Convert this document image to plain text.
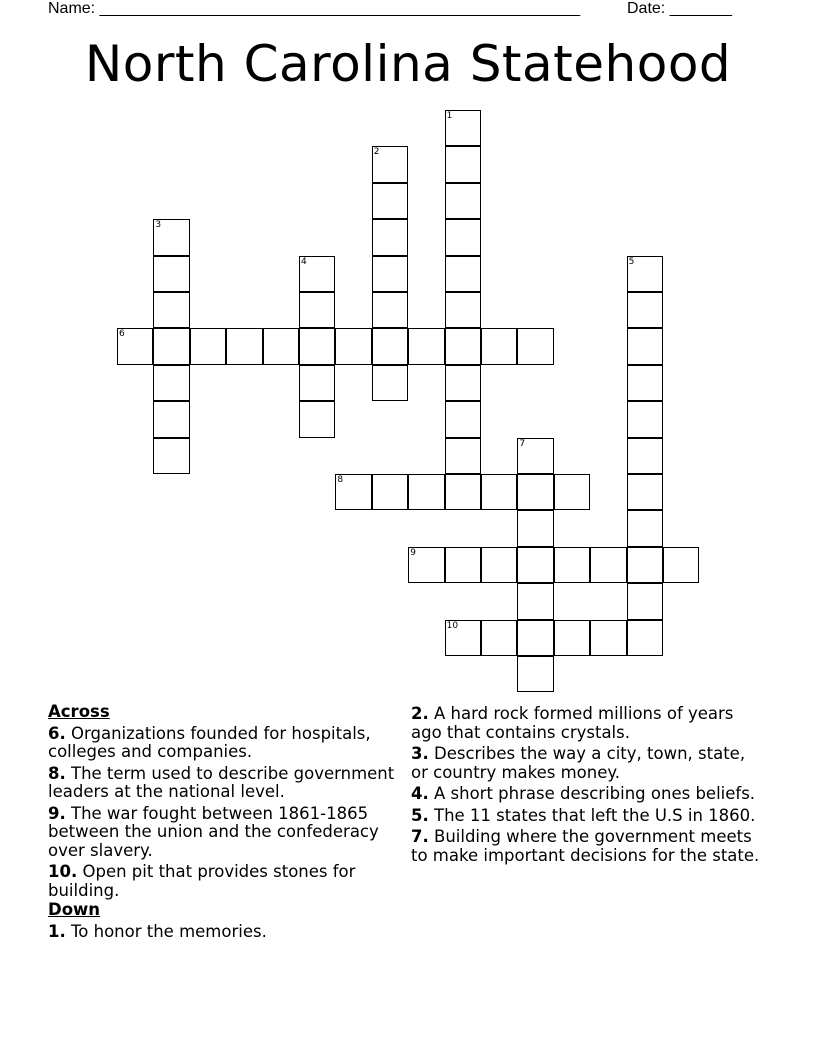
Name: ______________________________________________________	Date: _______
North Carolina Statehood
1
2
3
4	5
6
7
8
9
10
Across
6. Organizations founded for hospitals, colleges and companies.
8. The term used to describe government leaders at the national level.
9. The war fought between 1861-1865 between the union and the confederacy over slavery.
10. Open pit that provides stones for building.
Down
1. To honor the memories.
2. A hard rock formed millions of years ago that contains crystals.
3. Describes the way a city, town, state, or country makes money.
4. A short phrase describing ones beliefs.
5. The 11 states that left the U.S in 1860.
7. Building where the government meets to make important decisions for the state.
